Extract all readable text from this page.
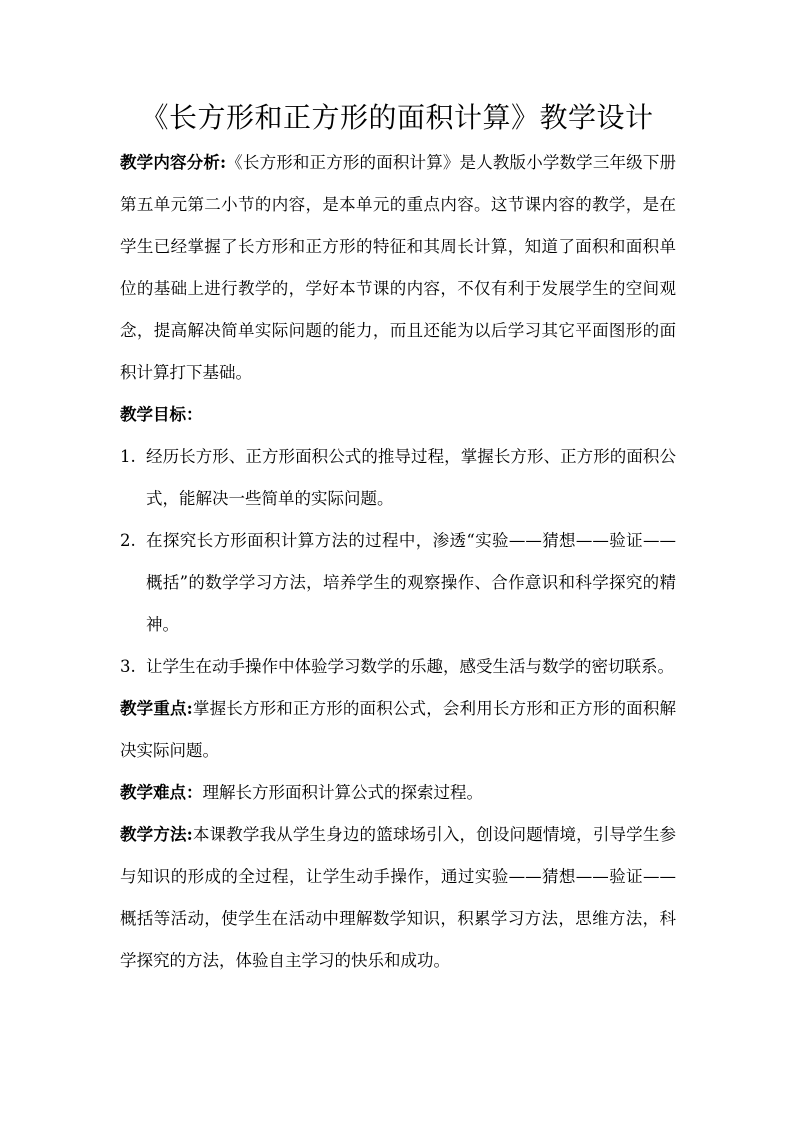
《长方形和正方形的面积计算》教学设计

教学内容分析:《长方形和正方形的面积计算》是人教版小学数学三年级下册第五单元第二小节的内容，是本单元的重点内容。这节课内容的教学，是在学生已经掌握了长方形和正方形的特征和其周长计算，知道了面积和面积单位的基础上进行教学的，学好本节课的内容，不仅有利于发展学生的空间观念，提高解决简单实际问题的能力，而且还能为以后学习其它平面图形的面积计算打下基础。

教学目标：

1. 经历长方形、正方形面积公式的推导过程，掌握长方形、正方形的面积公式，能解决一些简单的实际问题。

2. 在探究长方形面积计算方法的过程中，渗透“实验——猜想——验证——概括”的数学学习方法，培养学生的观察操作、合作意识和科学探究的精神。

3. 让学生在动手操作中体验学习数学的乐趣，感受生活与数学的密切联系。

教学重点:掌握长方形和正方形的面积公式，会利用长方形和正方形的面积解决实际问题。

教学难点：理解长方形面积计算公式的探索过程。

教学方法:本课教学我从学生身边的篮球场引入，创设问题情境，引导学生参与知识的形成的全过程，让学生动手操作，通过实验——猜想——验证——概括等活动，使学生在活动中理解数学知识，积累学习方法，思维方法，科学探究的方法，体验自主学习的快乐和成功。
